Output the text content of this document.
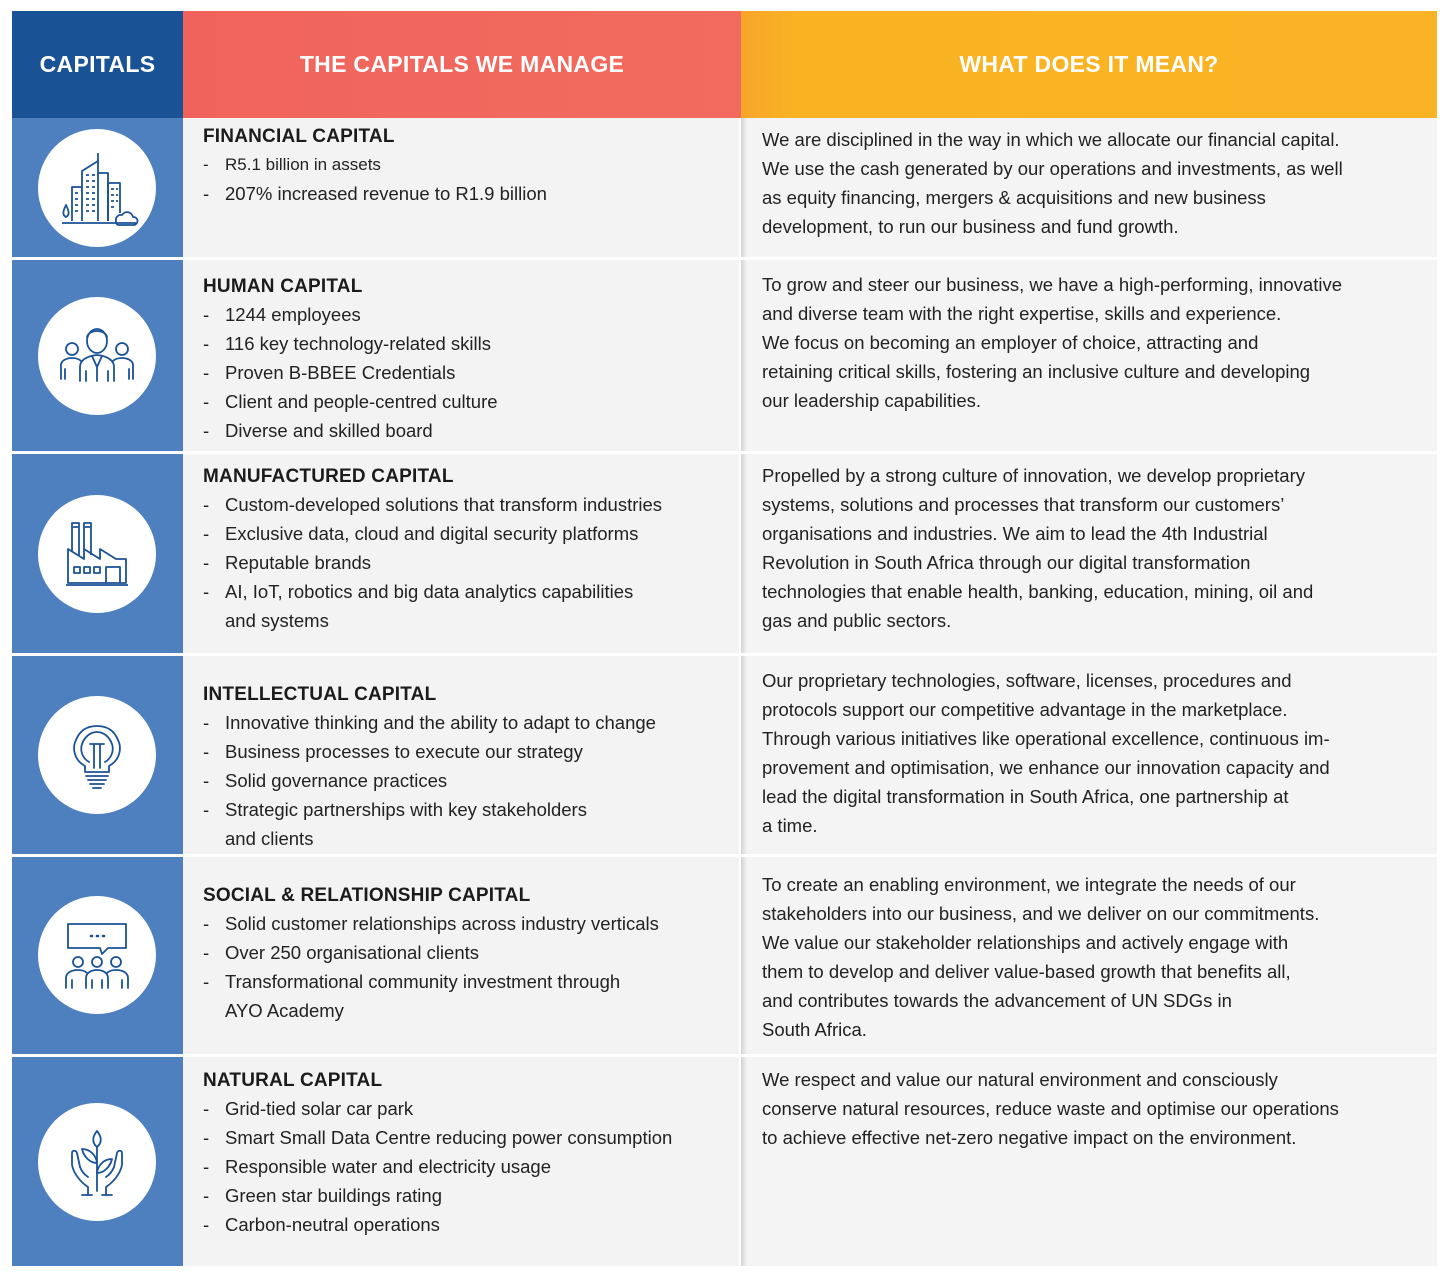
CAPITALS	THE CAPITALS WE MANAGE	WHAT DOES IT MEAN?
FINANCIAL CAPITAL
- R5.1 billion in assets
- 207% increased revenue to R1.9 billion
We are disciplined in the way in which we allocate our financial capital.
We use the cash generated by our operations and investments, as well
as equity financing, mergers & acquisitions and new business
development, to run our business and fund growth.
HUMAN CAPITAL
- 1244 employees
- 116 key technology-related skills
- Proven B-BBEE Credentials
- Client and people-centred culture
- Diverse and skilled board
To grow and steer our business, we have a high-performing, innovative
and diverse team with the right expertise, skills and experience.
We focus on becoming an employer of choice, attracting and
retaining critical skills, fostering an inclusive culture and developing
our leadership capabilities.
MANUFACTURED CAPITAL
- Custom-developed solutions that transform industries
- Exclusive data, cloud and digital security platforms
- Reputable brands
- AI, IoT, robotics and big data analytics capabilities
and systems
Propelled by a strong culture of innovation, we develop proprietary
systems, solutions and processes that transform our customers’
organisations and industries. We aim to lead the 4th Industrial
Revolution in South Africa through our digital transformation
technologies that enable health, banking, education, mining, oil and
gas and public sectors.
INTELLECTUAL CAPITAL
- Innovative thinking and the ability to adapt to change
- Business processes to execute our strategy
- Solid governance practices
- Strategic partnerships with key stakeholders
and clients
Our proprietary technologies, software, licenses, procedures and
protocols support our competitive advantage in the marketplace.
Through various initiatives like operational excellence, continuous im-
provement and optimisation, we enhance our innovation capacity and
lead the digital transformation in South Africa, one partnership at
a time.
SOCIAL & RELATIONSHIP CAPITAL
- Solid customer relationships across industry verticals
- Over 250 organisational clients
- Transformational community investment through
AYO Academy
To create an enabling environment, we integrate the needs of our
stakeholders into our business, and we deliver on our commitments.
We value our stakeholder relationships and actively engage with
them to develop and deliver value-based growth that benefits all,
and contributes towards the advancement of UN SDGs in
South Africa.
NATURAL CAPITAL
- Grid-tied solar car park
- Smart Small Data Centre reducing power consumption
- Responsible water and electricity usage
- Green star buildings rating
- Carbon-neutral operations
We respect and value our natural environment and consciously
conserve natural resources, reduce waste and optimise our operations
to achieve effective net-zero negative impact on the environment.
